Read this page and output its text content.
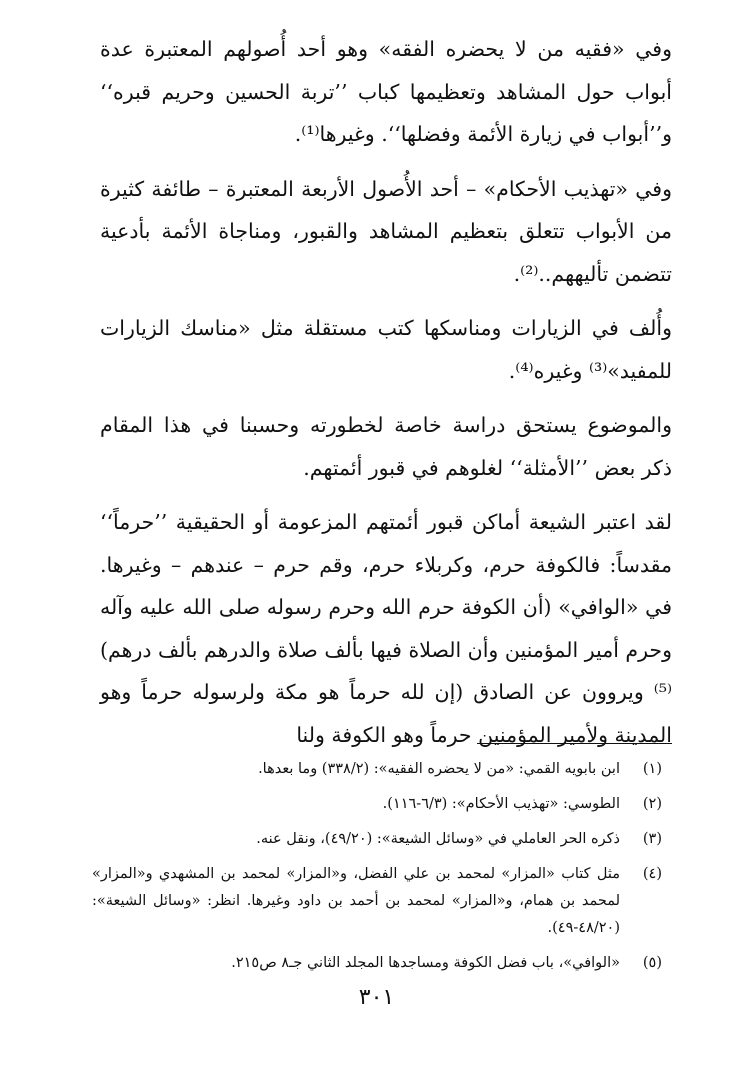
وفي «فقيه من لا يحضره الفقه» وهو أحد أُصولهم المعتبرة عدة أبواب حول المشاهد وتعظيمها كباب ’’تربة الحسين وحريم قبره‘‘ و’’أبواب في زيارة الأئمة وفضلها‘‘. وغيرها⁽¹⁾.

وفي «تهذيب الأحكام» – أحد الأُصول الأربعة المعتبرة – طائفة كثيرة من الأبواب تتعلق بتعظيم المشاهد والقبور، ومناجاة الأئمة بأدعية تتضمن تأليههم..⁽²⁾.

وأُلف في الزيارات ومناسكها كتب مستقلة مثل «مناسك الزيارات للمفيد»⁽³⁾ وغيره⁽⁴⁾.

والموضوع يستحق دراسة خاصة لخطورته وحسبنا في هذا المقام ذكر بعض ’’الأمثلة‘‘ لغلوهم في قبور أئمتهم.

لقد اعتبر الشيعة أماكن قبور أئمتهم المزعومة أو الحقيقية ’’حرماً‘‘ مقدساً: فالكوفة حرم، وكربلاء حرم، وقم حرم – عندهم – وغيرها. في «الوافي» (أن الكوفة حرم الله وحرم رسوله صلى الله عليه وآله وحرم أمير المؤمنين وأن الصلاة فيها بألف صلاة والدرهم بألف درهم)⁽⁵⁾ ويروون عن الصادق (إن لله حرماً هو مكة ولرسوله حرماً وهو المدينة ولأمير المؤمنين حرماً وهو الكوفة ولنا

(١)
ابن بابويه القمي: «من لا يحضره الفقيه»: (٣٣٨/٢) وما بعدها.
(٢)
الطوسي: «تهذيب الأحكام»: (٦/٣-١١٦).
(٣)
ذكره الحر العاملي في «وسائل الشيعة»: (٤٩/٢٠)، ونقل عنه.
(٤)
مثل كتاب «المزار» لمحمد بن علي الفضل، و«المزار» لمحمد بن المشهدي و«المزار» لمحمد بن همام، و«المزار» لمحمد بن أحمد بن داود وغيرها. انظر: «وسائل الشيعة»: (٤٨/٢٠-٤٩).
(٥)
«الوافي»، باب فضل الكوفة ومساجدها المجلد الثاني جـ٨ ص٢١٥.
٣٠١
